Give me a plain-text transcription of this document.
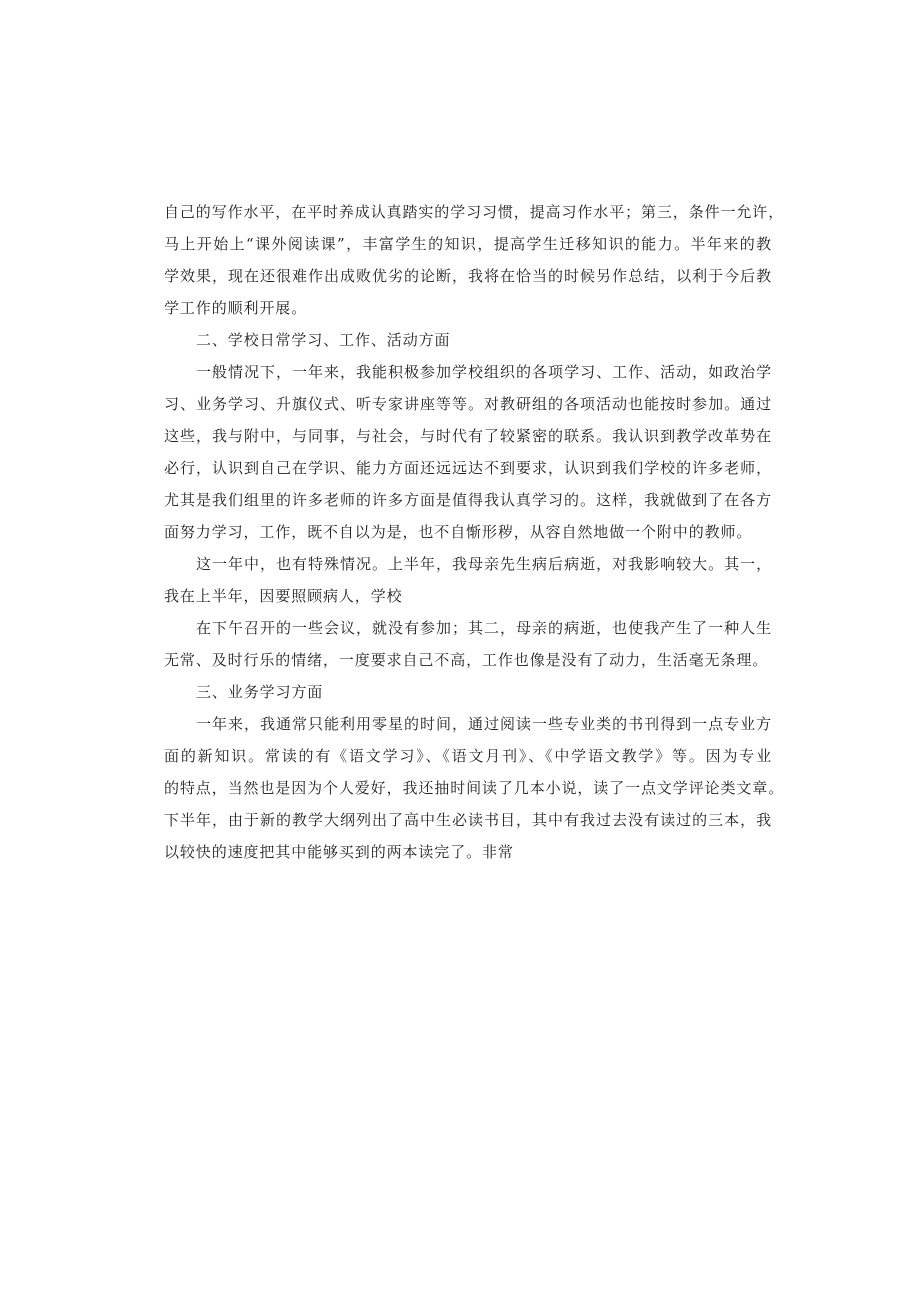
自己的写作水平，在平时养成认真踏实的学习习惯，提高习作水平；第三，条件一允许，
马上开始上“课外阅读课”，丰富学生的知识，提高学生迁移知识的能力。半年来的教
学效果，现在还很难作出成败优劣的论断，我将在恰当的时候另作总结，以利于今后教
学工作的顺利开展。
二、学校日常学习、工作、活动方面
一般情况下，一年来，我能积极参加学校组织的各项学习、工作、活动，如政治学
习、业务学习、升旗仪式、听专家讲座等等。对教研组的各项活动也能按时参加。通过
这些，我与附中，与同事，与社会，与时代有了较紧密的联系。我认识到教学改革势在
必行，认识到自己在学识、能力方面还远远达不到要求，认识到我们学校的许多老师，
尤其是我们组里的许多老师的许多方面是值得我认真学习的。这样，我就做到了在各方
面努力学习，工作，既不自以为是，也不自惭形秽，从容自然地做一个附中的教师。
这一年中，也有特殊情况。上半年，我母亲先生病后病逝，对我影响较大。其一，
我在上半年，因要照顾病人，学校
在下午召开的一些会议，就没有参加；其二，母亲的病逝，也使我产生了一种人生
无常、及时行乐的情绪，一度要求自己不高，工作也像是没有了动力，生活毫无条理。
三、业务学习方面
一年来，我通常只能利用零星的时间，通过阅读一些专业类的书刊得到一点专业方
面的新知识。常读的有《语文学习》、《语文月刊》、《中学语文教学》等。因为专业
的特点，当然也是因为个人爱好，我还抽时间读了几本小说，读了一点文学评论类文章。
下半年，由于新的教学大纲列出了高中生必读书目，其中有我过去没有读过的三本，我
以较快的速度把其中能够买到的两本读完了。非常
